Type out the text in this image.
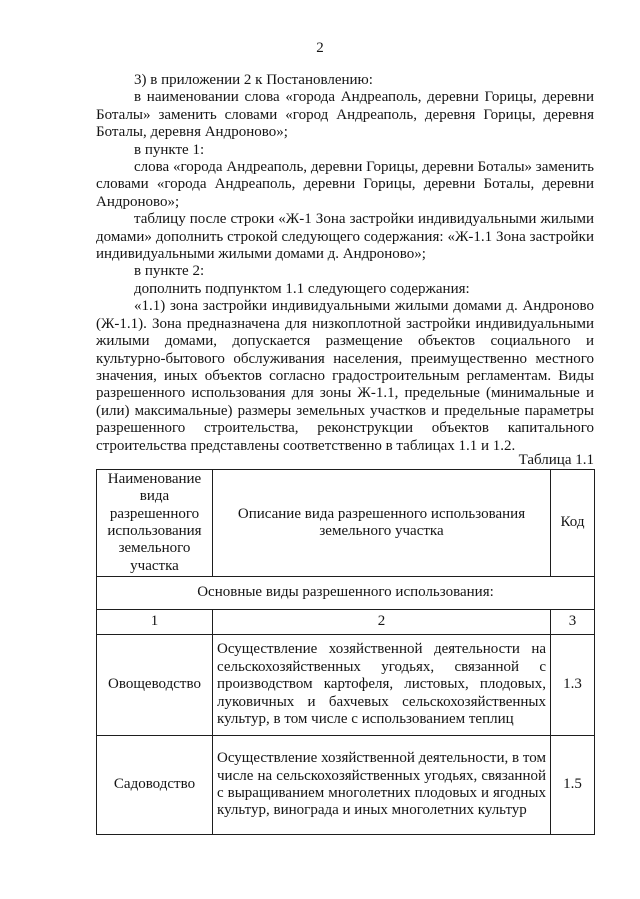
2

3) в приложении 2 к Постановлению:

в наименовании слова «города Андреаполь, деревни Горицы, деревни Боталы» заменить словами «город Андреаполь, деревня Горицы, деревня Боталы, деревня Андроново»;

в пункте 1:

слова «города Андреаполь, деревни Горицы, деревни Боталы» заменить словами «города Андреаполь, деревни Горицы, деревни Боталы, деревни Андроново»;

таблицу после строки «Ж-1 Зона застройки индивидуальными жилыми домами» дополнить строкой следующего содержания: «Ж-1.1 Зона застройки индивидуальными жилыми домами д. Андроново»;

в пункте 2:

дополнить подпунктом 1.1 следующего содержания:

«1.1) зона застройки индивидуальными жилыми домами д. Андроново (Ж-1.1). Зона предназначена для низкоплотной застройки индивидуальными жилыми домами, допускается размещение объектов социального и культурно-бытового обслуживания населения, преимущественно местного значения, иных объектов согласно градостроительным регламентам. Виды разрешенного использования для зоны Ж-1.1, предельные (минимальные и (или) максимальные) размеры земельных участков и предельные параметры разрешенного строительства, реконструкции объектов капитального строительства представлены соответственно в таблицах 1.1 и 1.2.

Таблица 1.1
Наименование вида разрешенного использования земельного участка	Описание вида разрешенного использования земельного участка	Код
Основные виды разрешенного использования:		
1	2	3
Овощеводство	Осуществление хозяйственной деятельности на сельскохозяйственных угодьях, связанной с производством картофеля, листовых, плодовых, луковичных и бахчевых сельскохозяйственных культур, в том числе с использованием теплиц	1.3
Садоводство	Осуществление хозяйственной деятельности, в том числе на сельскохозяйственных угодьях, связанной с выращиванием многолетних плодовых и ягодных культур, винограда и иных многолетних культур	1.5
